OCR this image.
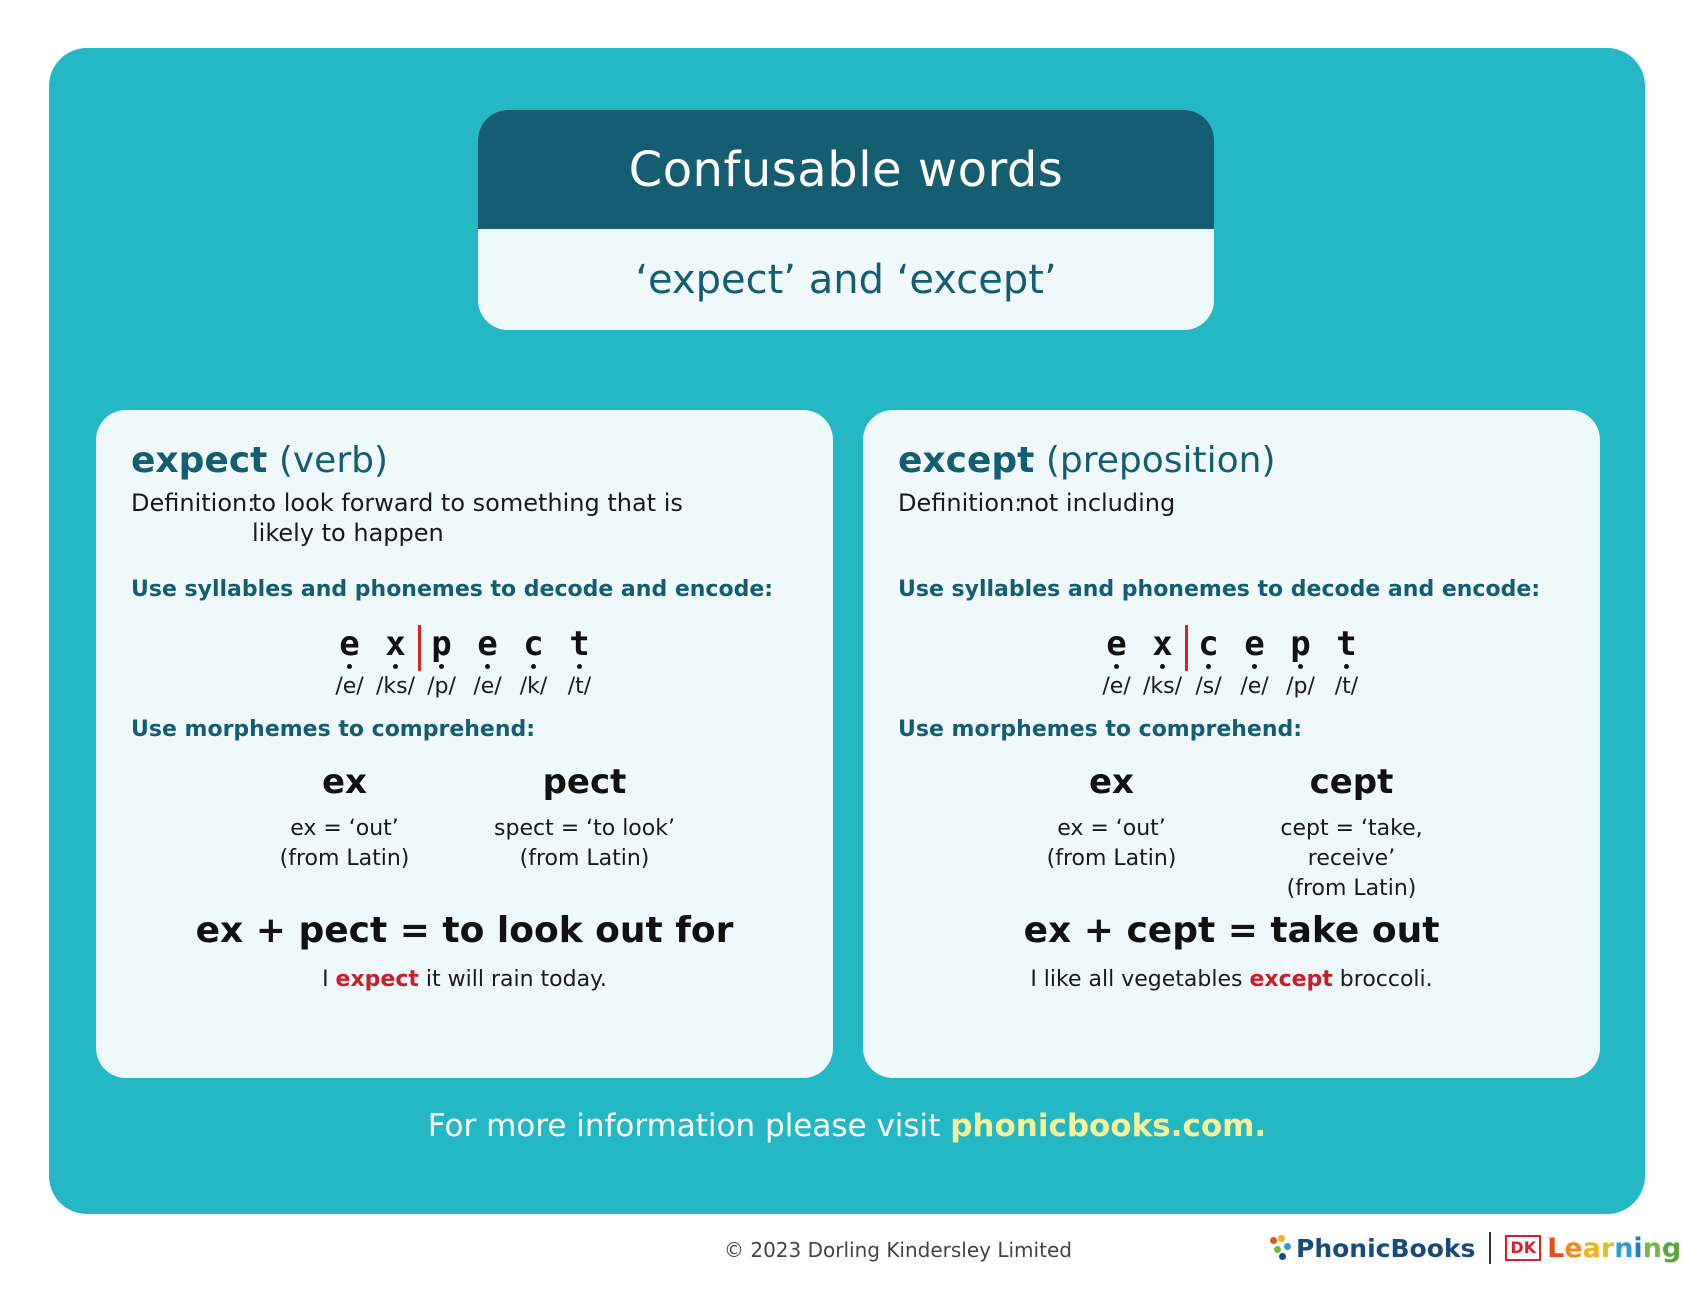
Confusable words
‘expect’ and ‘except’
expect (verb)
Definition:
to look forward to something that is likely to happen
Use syllables and phonemes to decode and encode:
e
/e/
x
/ks/
p
/p/
e
/e/
c
/k/
t
/t/
Use morphemes to comprehend:
ex
ex = ‘out’
(from Latin)
pect
spect = ‘to look’
(from Latin)
ex + pect = to look out for
I expect it will rain today.
except (preposition)
Definition:
not including
Use syllables and phonemes to decode and encode:
e
/e/
x
/ks/
c
/s/
e
/e/
p
/p/
t
/t/
Use morphemes to comprehend:
ex
ex = ‘out’
(from Latin)
cept
cept = ‘take, receive’
(from Latin)
ex + cept = take out
I like all vegetables except broccoli.
For more information please visit phonicbooks.com.
© 2023 Dorling Kindersley Limited	PhonicBooks	DK Learning
